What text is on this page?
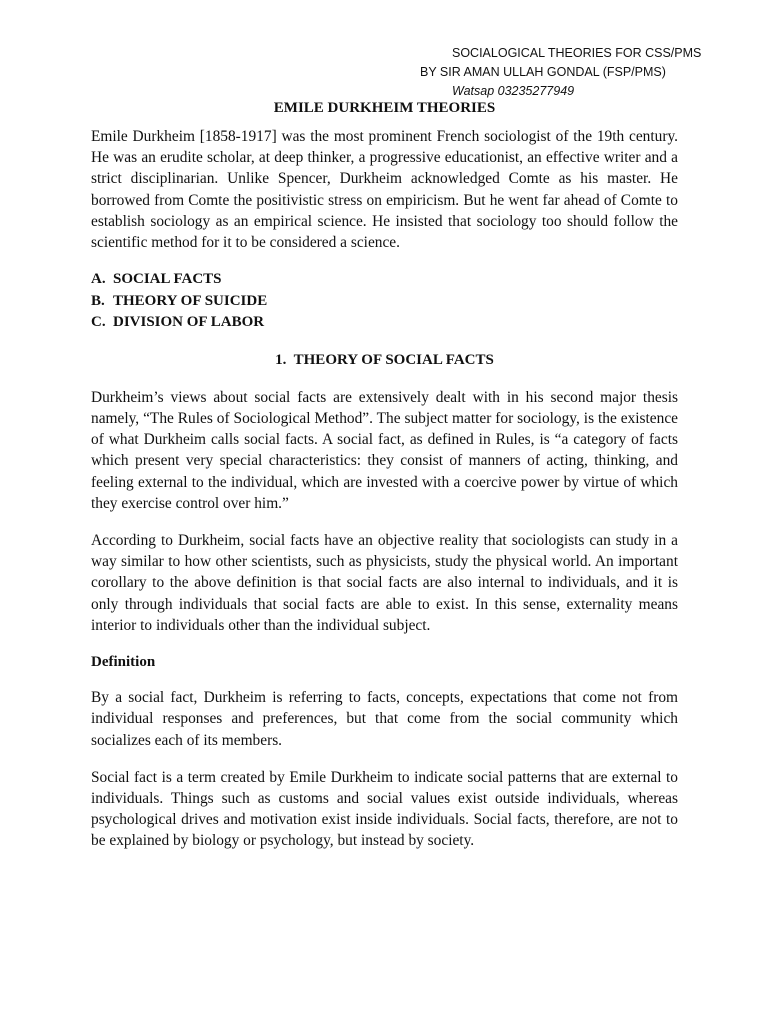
SOCIALOGICAL THEORIES FOR CSS/PMS
BY SIR AMAN ULLAH GONDAL (FSP/PMS)
Watsap 03235277949
EMILE DURKHEIM THEORIES

Emile Durkheim [1858-1917] was the most prominent French sociologist of the 19th century. He was an erudite scholar, at deep thinker, a progressive educationist, an effective writer and a strict disciplinarian. Unlike Spencer, Durkheim acknowledged Comte as his master. He borrowed from Comte the positivistic stress on empiricism. But he went far ahead of Comte to establish sociology as an empirical science. He insisted that sociology too should follow the scientific method for it to be considered a science.

A. SOCIAL FACTS
B. THEORY OF SUICIDE
C. DIVISION OF LABOR
1.  THEORY OF SOCIAL FACTS

Durkheim’s views about social facts are extensively dealt with in his second major thesis namely, “The Rules of Sociological Method”. The subject matter for sociology, is the existence of what Durkheim calls social facts. A social fact, as defined in Rules, is “a category of facts which present very special characteristics: they consist of manners of acting, thinking, and feeling external to the individual, which are invested with a coercive power by virtue of which they exercise control over him.”

According to Durkheim, social facts have an objective reality that sociologists can study in a way similar to how other scientists, such as physicists, study the physical world. An important corollary to the above definition is that social facts are also internal to individuals, and it is only through individuals that social facts are able to exist. In this sense, externality means interior to individuals other than the individual subject.

Definition

By a social fact, Durkheim is referring to facts, concepts, expectations that come not from individual responses and preferences, but that come from the social community which socializes each of its members.

Social fact is a term created by Emile Durkheim to indicate social patterns that are external to individuals. Things such as customs and social values exist outside individuals, whereas psychological drives and motivation exist inside individuals. Social facts, therefore, are not to be explained by biology or psychology, but instead by society.
